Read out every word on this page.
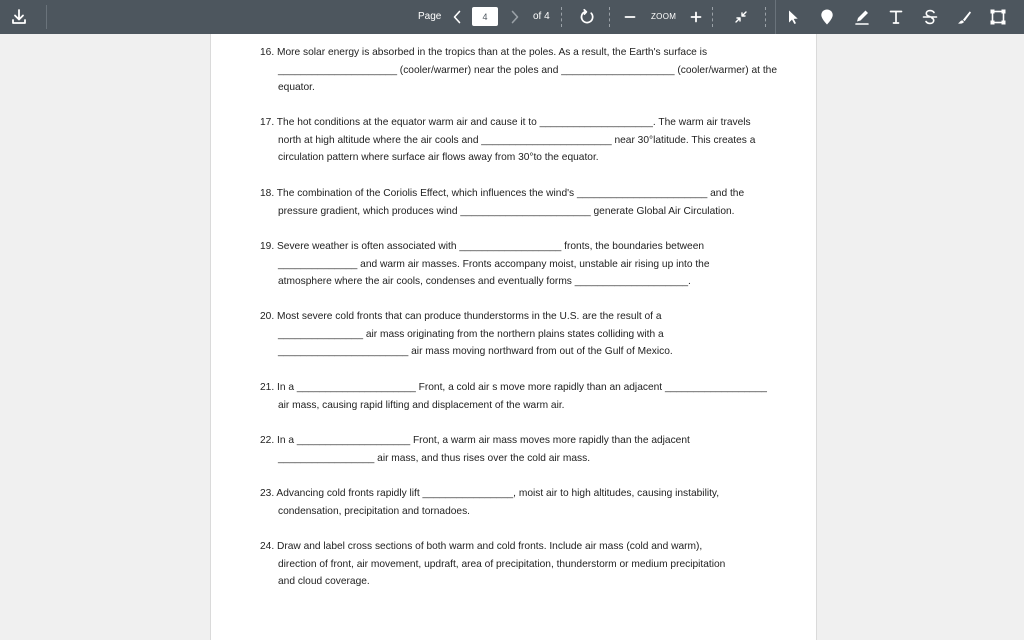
Page
4	of 4	ZOOM
16. More solar energy is absorbed in the tropics than at the poles. As a result, the Earth's surface is
_____________________ (cooler/warmer) near the poles and ____________________ (cooler/warmer) at the
equator.
17. The hot conditions at the equator warm air and cause it to ____________________. The warm air travels
north at high altitude where the air cools and _______________________ near 30°latitude. This creates a
circulation pattern where surface air flows away from 30°to the equator.
18. The combination of the Coriolis Effect, which influences the wind's _______________________ and the
pressure gradient, which produces wind _______________________ generate Global Air Circulation.
19. Severe weather is often associated with __________________ fronts, the boundaries between
______________ and warm air masses. Fronts accompany moist, unstable air rising up into the
atmosphere where the air cools, condenses and eventually forms ____________________.
20. Most severe cold fronts that can produce thunderstorms in the U.S. are the result of a
_______________ air mass originating from the northern plains states colliding with a
_______________________ air mass moving northward from out of the Gulf of Mexico.
21. In a _____________________ Front, a cold air s move more rapidly than an adjacent __________________
air mass, causing rapid lifting and displacement of the warm air.
22. In a ____________________ Front, a warm air mass moves more rapidly than the adjacent
_________________ air mass, and thus rises over the cold air mass.
23. Advancing cold fronts rapidly lift ________________, moist air to high altitudes, causing instability,
condensation, precipitation and tornadoes.
24. Draw and label cross sections of both warm and cold fronts. Include air mass (cold and warm),
direction of front, air movement, updraft, area of precipitation, thunderstorm or medium precipitation
and cloud coverage.
